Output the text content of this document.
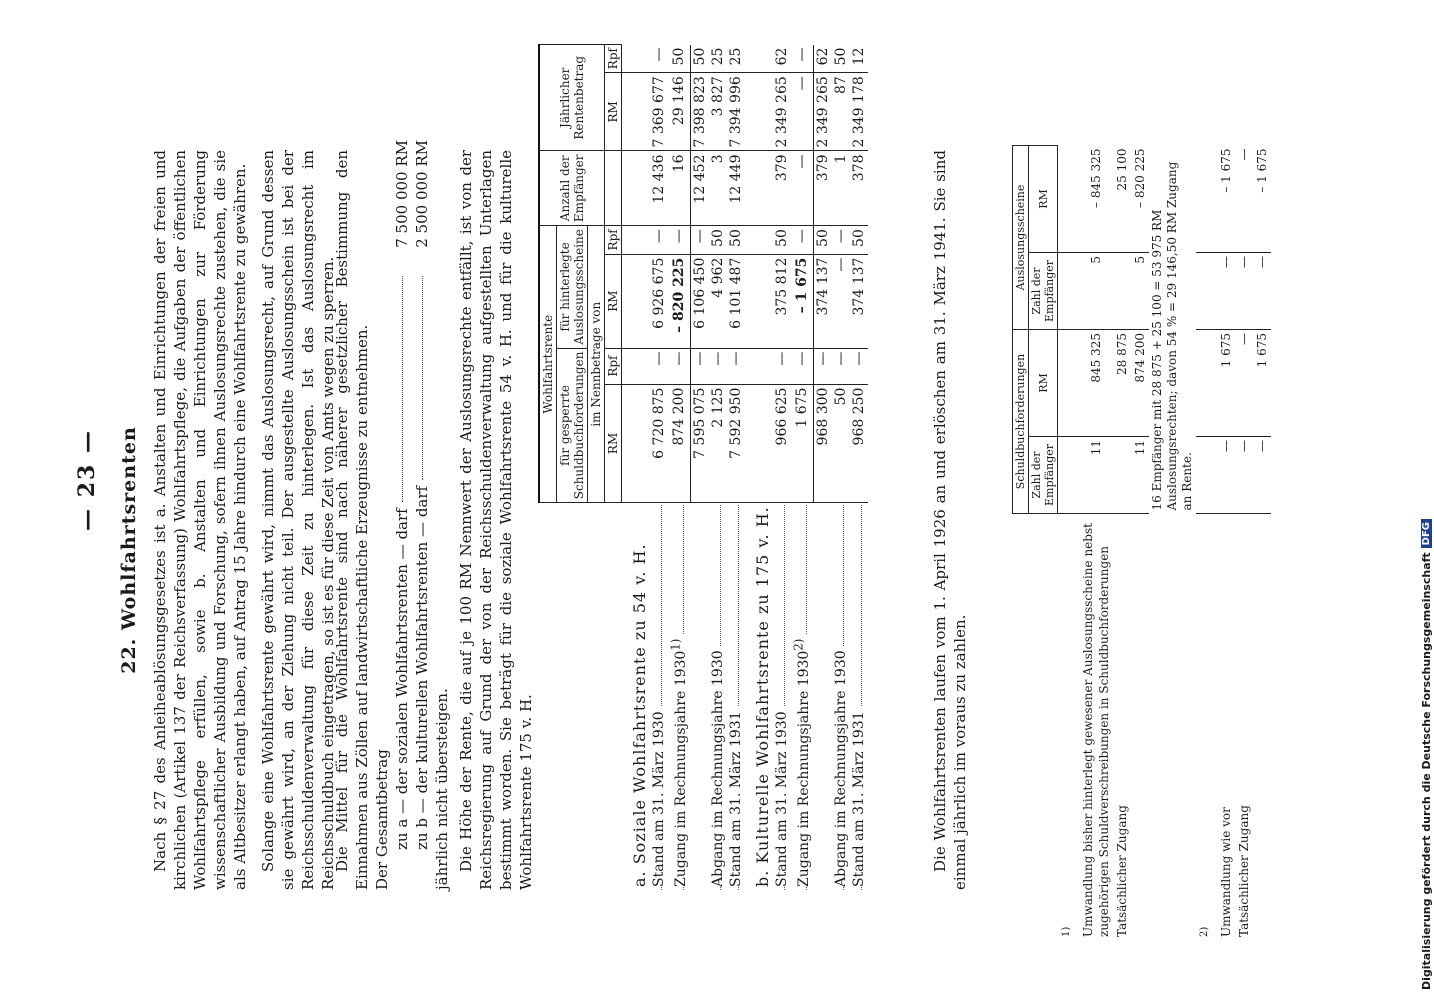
— 23 — 22. Wohlfahrtsrenten Nach § 27 des Anleiheablösungsgesetzes ist a. Anstalten und Einrichtungen der freien und kirchlichen (Artikel 137 der Reichsverfassung) Wohlfahrtspflege, die Aufgaben der öffentlichen Wohlfahrtspflege erfüllen, sowie b. Anstalten und Einrichtungen zur Förderung wissenschaftlicher Ausbildung und Forschung, sofern ihnen Auslosungsrechte zustehen, die sie als Altbesitzer erlangt haben, auf Antrag 15 Jahre hindurch eine Wohlfahrtsrente zu gewähren. Solange eine Wohlfahrtsrente gewährt wird, nimmt das Auslosungsrecht, auf Grund dessen sie gewährt wird, an der Ziehung nicht teil. Der ausgestellte Auslosungsschein ist bei der Reichsschuldenverwaltung für diese Zeit zu hinterlegen. Ist das Auslosungsrecht im Reichsschuldbuch eingetragen, so ist es für diese Zeit von Amts wegen zu sperren.
Die Mittel für die Wohlfahrtsrente sind nach näherer gesetzlicher Bestimmung den Einnahmen aus Zöllen auf landwirtschaftliche Erzeugnisse zu entnehmen. Der Gesamtbetrag zu a — der sozialen Wohlfahrtsrenten — darf
7 500 000 RM
zu b — der kulturellen Wohlfahrtsrenten — darf
2 500 000 RM
jährlich nicht übersteigen. Die Höhe der Rente, die auf je 100 RM Nennwert der Auslosungsrechte entfällt, ist von der Reichsregierung auf Grund der von der Reichsschuldenverwaltung aufgestellten Unterlagen bestimmt worden. Sie beträgt für die soziale Wohlfahrtsrente 54 v. H. und für die kulturelle Wohlfahrtsrente 175 v. H.
	Wohlfahrtsrente				Anzahl der Empfänger	Jährlicher Rentenbetrag	
	für gesperrte Schuldbuchforderungen		für hinterlegte Auslosungsscheine				
	im Nennbetrage von						
	RM	Rpf	RM	Rpf		RM	Rpf
a. Soziale Wohlfahrtsrente zu 54 v. H.							
Stand am 31. März 1930	6 720 875	—	6 926 675	—	12 436	7 369 677	—
Zugang im Rechnungsjahre 1930$^{1)}$	874 200	—	– 820 225	—	16	29 146	50
	7 595 075	—	6 106 450	—	12 452	7 398 823	50
Abgang im Rechnungsjahre 1930	2 125	—	4 962	50	3	3 827	25
Stand am 31. März 1931	7 592 950	—	6 101 487	50	12 449	7 394 996	25
b. Kulturelle Wohlfahrtsrente zu 175 v. H.							
Stand am 31. März 1930	966 625	—	375 812	50	379	2 349 265	62
Zugang im Rechnungsjahre 1930$^{2)}$	1 675	—	– 1 675	—	—	—	—
	968 300	—	374 137	50	379	2 349 265	62
Abgang im Rechnungsjahre 1930	50	—	—	—	1	87	50
Stand am 31. März 1931	968 250	—	374 137	50	378	2 349 178	12
Die Wohlfahrtsrenten laufen vom 1. April 1926 an und erlöschen am 31. März 1941. Sie sind einmal jährlich im voraus zu zahlen.
	Schuldbuchforderungen		Auslosungsscheine	
	Zahl der Empfänger	RM	Zahl der Empfänger	RM
$^{1)}$				
Umwandlung bisher hinterlegt gewesener Auslosungsscheine nebst zugehörigen Schuldverschreibungen in Schuldbuchforderungen	11	845 325	5	– 845 325
Tatsächlicher Zugang		28 875		25 100
	11	874 200	5	– 820 225
	16 Empfänger mit 28 875 + 25 100 = 53 975 RM Auslosungsrechten; davon 54 % = 29 146,50 RM Zugang an Rente.			
$^{2)}$				
Umwandlung wie vor	—	1 675	—	– 1 675
Tatsächlicher Zugang	—	—	—	—
	—	1 675	—	– 1 675
Digitalisierung gefördert durch die Deutsche Forschungsgemeinschaft
DFG
